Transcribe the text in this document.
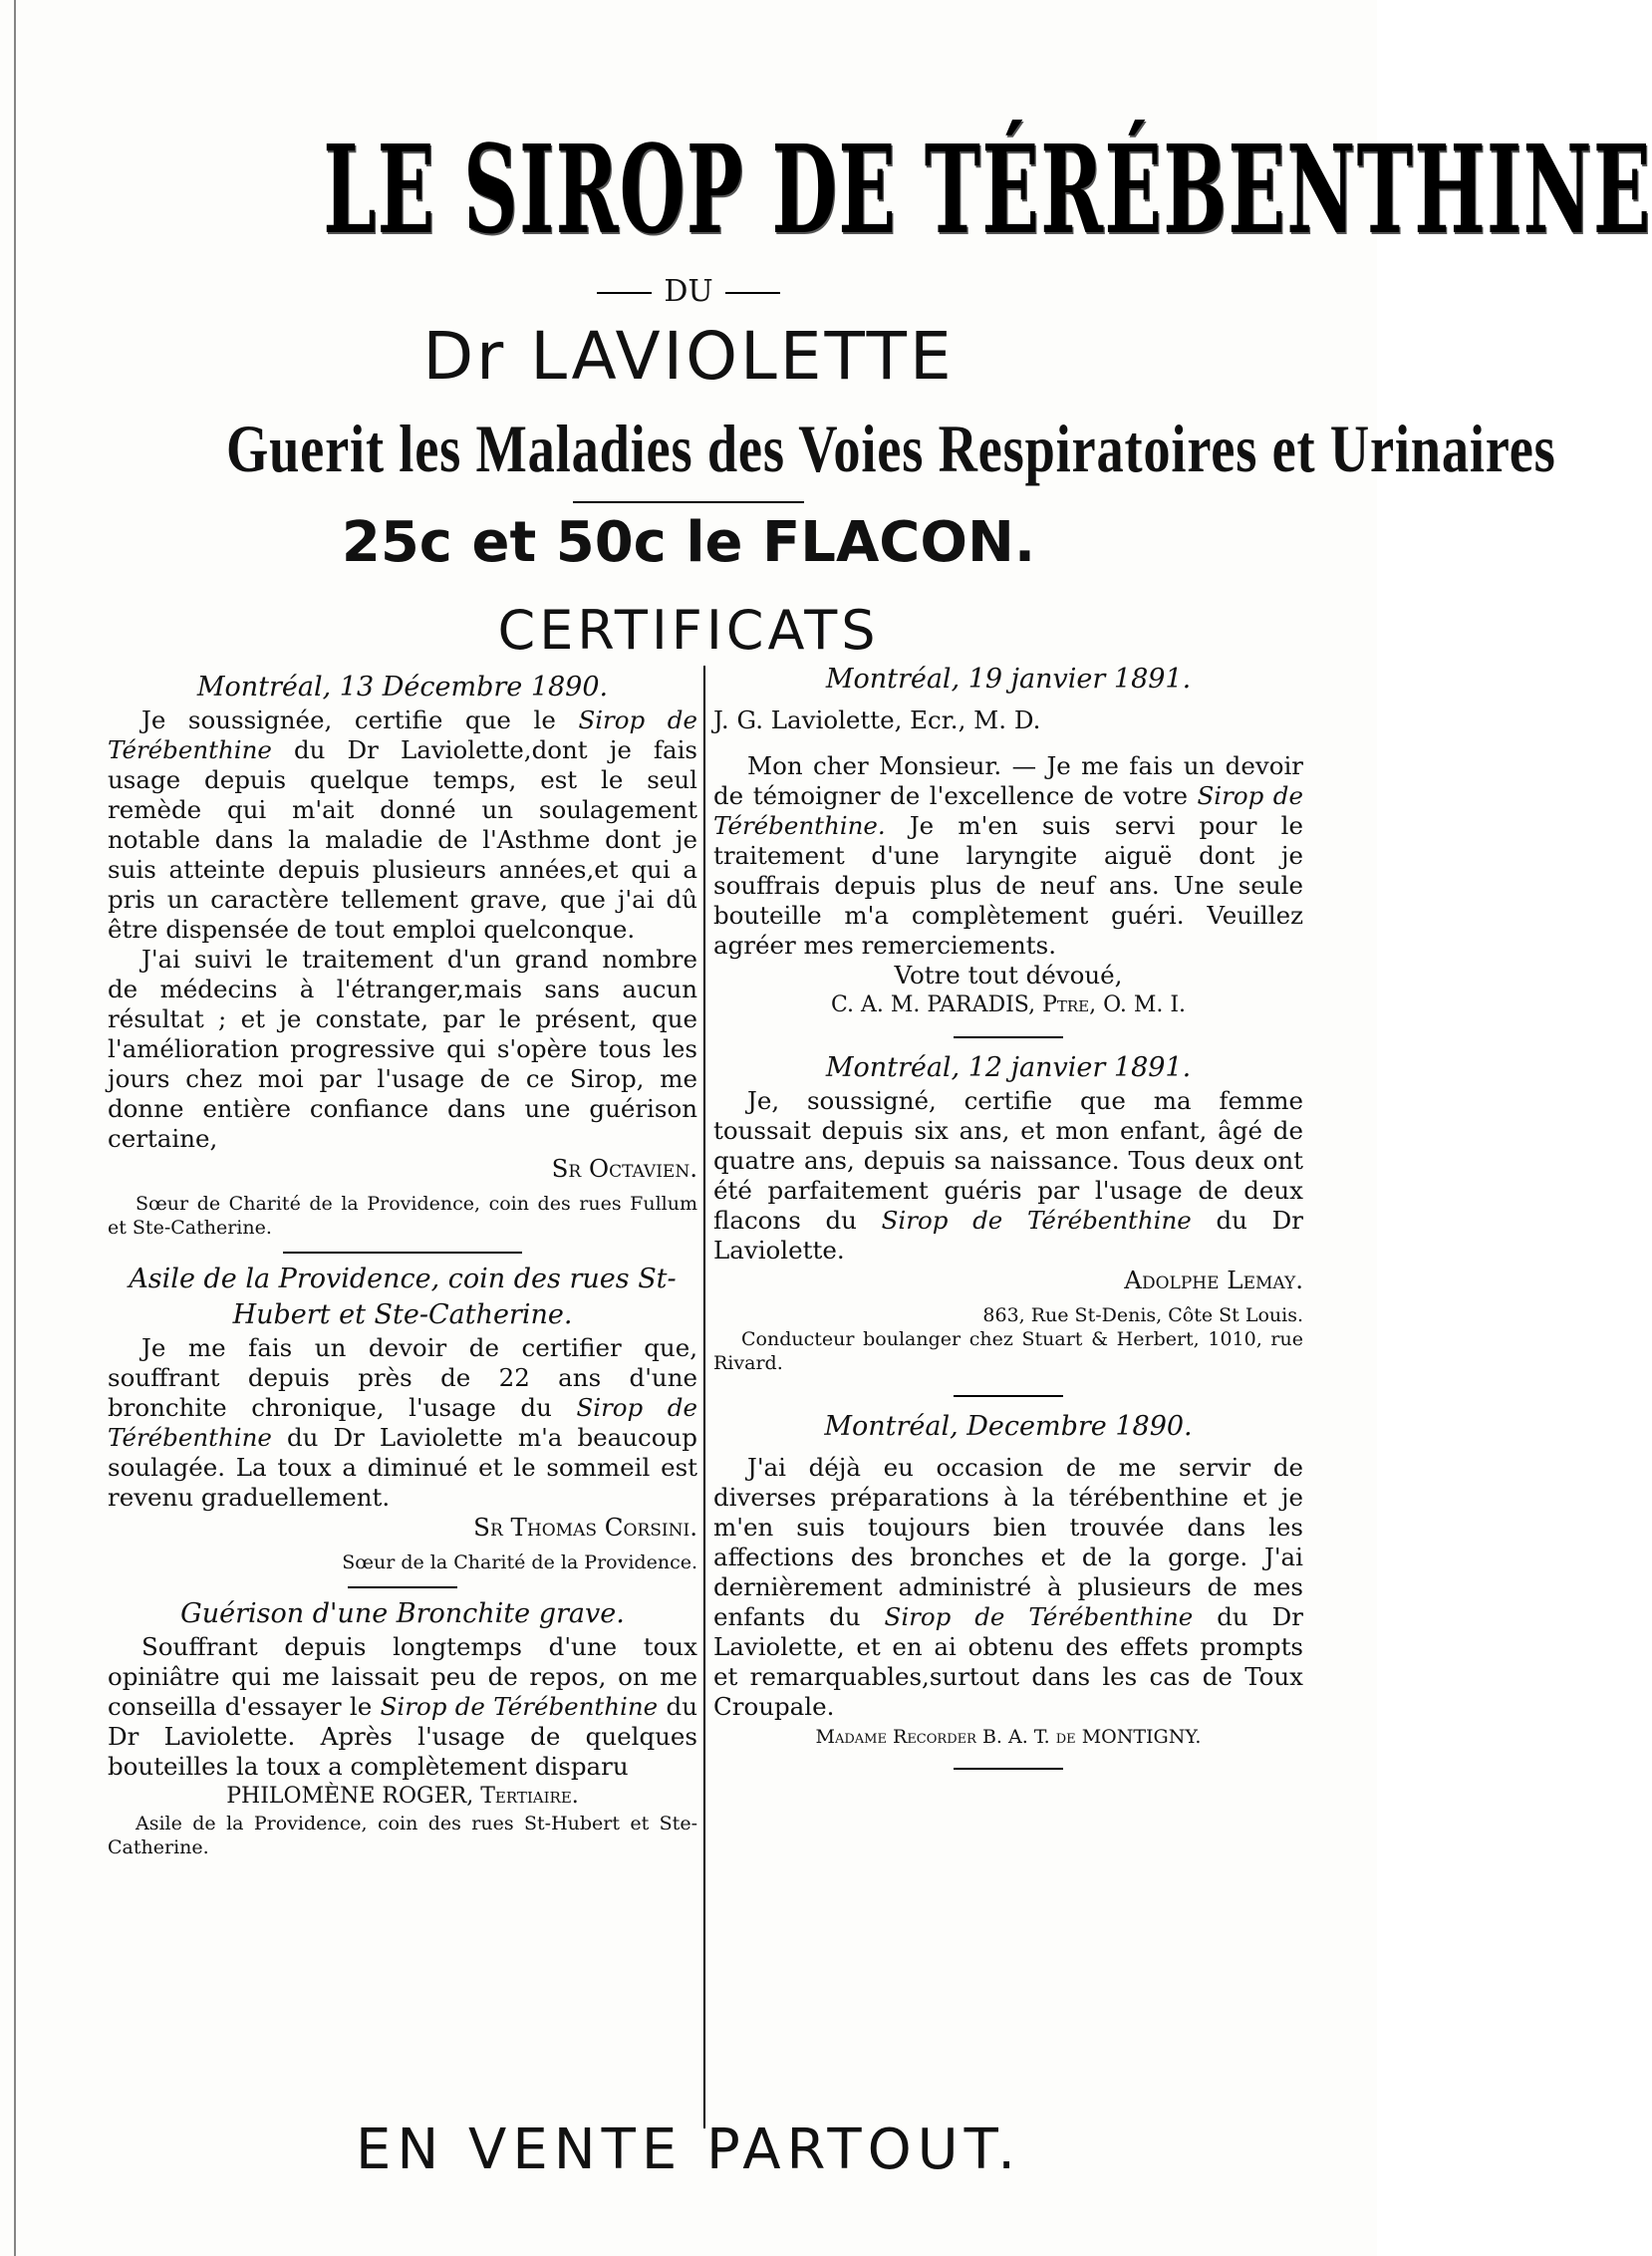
LE SIROP DE TÉRÉBENTHINE
DU
Dr LAVIOLETTE
Guerit les Maladies des Voies Respiratoires et Urinaires
25c et 50c le FLACON.
CERTIFICATS

Montréal, 13 Décembre 1890.

Je soussignée, certifie que le Sirop de Térébenthine du Dr Laviolette,dont je fais usage depuis quelque temps, est le seul remède qui m'ait donné un soulagement notable dans la maladie de l'Asthme dont je suis atteinte depuis plusieurs années,et qui a pris un caractère tellement grave, que j'ai dû être dispensée de tout emploi quelconque.

J'ai suivi le traitement d'un grand nombre de médecins à l'étranger,mais sans aucun résultat ; et je constate, par le présent, que l'amélioration progressive qui s'opère tous les jours chez moi par l'usage de ce Sirop, me donne entière confiance dans une guérison certaine,

Sr Octavien.

Sœur de Charité de la Providence, coin des rues Fullum et Ste-Catherine.

Asile de la Providence, coin des rues St-Hubert et Ste-Catherine.

Je me fais un devoir de certifier que, souffrant depuis près de 22 ans d'une bronchite chronique, l'usage du Sirop de Térébenthine du Dr Laviolette m'a beaucoup soulagée. La toux a diminué et le sommeil est revenu graduellement.

Sr Thomas Corsini.

Sœur de la Charité de la Providence.

Guérison d'une Bronchite grave.

Souffrant depuis longtemps d'une toux opiniâtre qui me laissait peu de repos, on me conseilla d'essayer le Sirop de Térébenthine du Dr Laviolette. Après l'usage de quelques bouteilles la toux a complètement disparu

PHILOMÈNE ROGER, Tertiaire.

Asile de la Providence, coin des rues St-Hubert et Ste-Catherine.

Montréal, 19 janvier 1891.

J. G. Laviolette, Ecr., M. D.

Mon cher Monsieur. — Je me fais un devoir de témoigner de l'excellence de votre Sirop de Térébenthine. Je m'en suis servi pour le traitement d'une laryngite aiguë dont je souffrais depuis plus de neuf ans. Une seule bouteille m'a complètement guéri. Veuillez agréer mes remerciements.

Votre tout dévoué,

C. A. M. PARADIS, Ptre, O. M. I.

Montréal, 12 janvier 1891.

Je, soussigné, certifie que ma femme toussait depuis six ans, et mon enfant, âgé de quatre ans, depuis sa naissance. Tous deux ont été parfaitement guéris par l'usage de deux flacons du Sirop de Térébenthine du Dr Laviolette.

Adolphe Lemay.

863, Rue St-Denis, Côte St Louis.

Conducteur boulanger chez Stuart & Herbert, 1010, rue Rivard.

Montréal, Decembre 1890.

J'ai déjà eu occasion de me servir de diverses préparations à la térébenthine et je m'en suis toujours bien trouvée dans les affections des bronches et de la gorge. J'ai dernièrement administré à plusieurs de mes enfants du Sirop de Térébenthine du Dr Laviolette, et en ai obtenu des effets prompts et remarquables,surtout dans les cas de Toux Croupale.

Madame Recorder B. A. T. de MONTIGNY.

EN VENTE PARTOUT.
